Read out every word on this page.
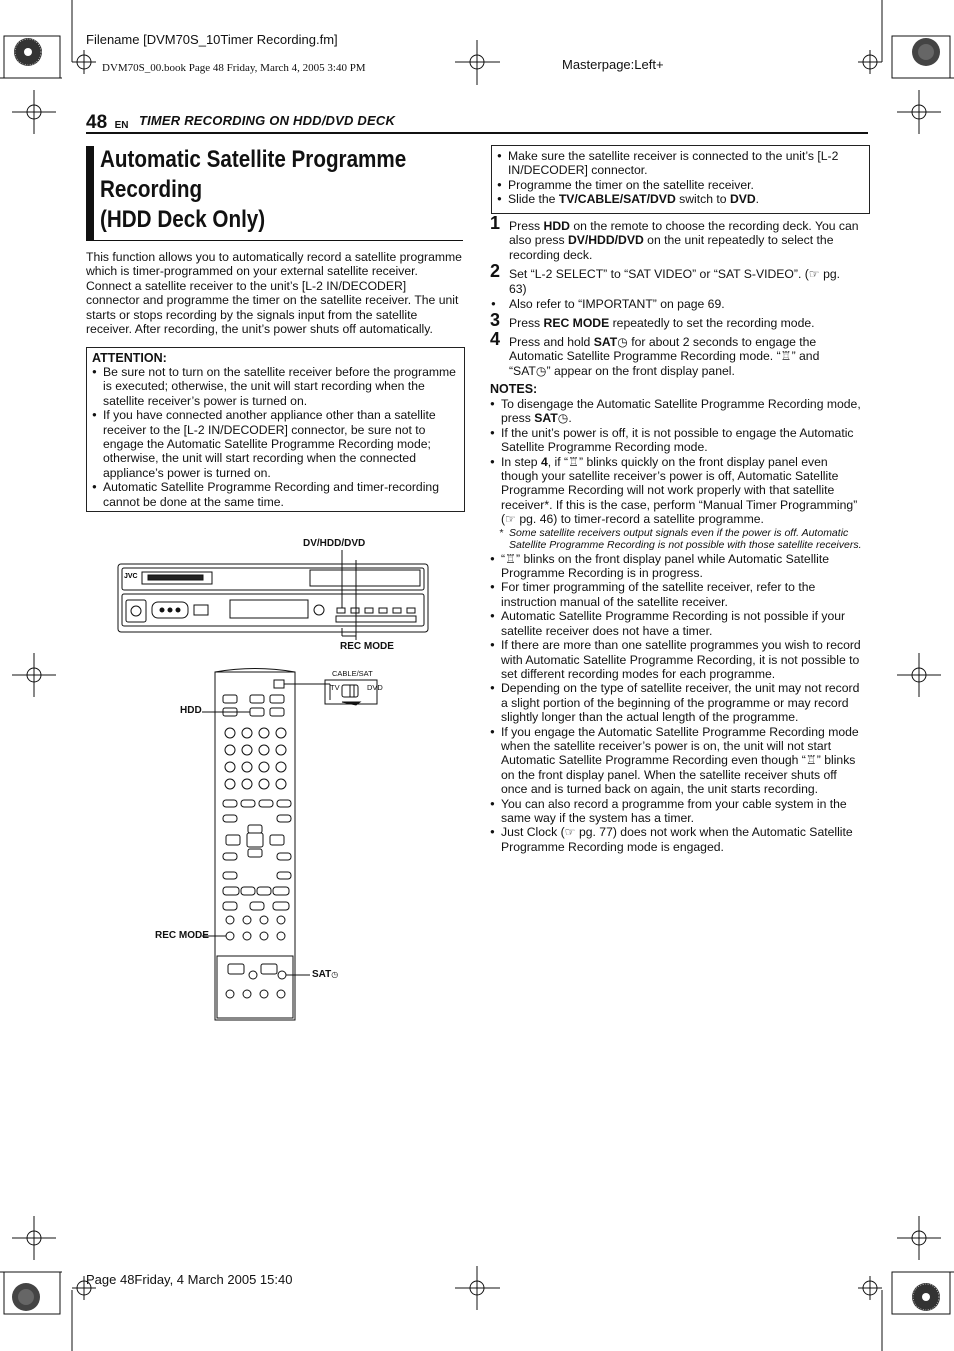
Filename [DVM70S_10Timer Recording.fm]
DVM70S_00.book Page 48 Friday, March 4, 2005 3:40 PM	Masterpage:Left+
48 EN TIMER RECORDING ON HDD/DVD DECK
Automatic Satellite Programme
Recording
(HDD Deck Only)
This function allows you to automatically record a satellite programme which is timer-programmed on your external satellite receiver. Connect a satellite receiver to the unit’s [L-2 IN/DECODER] connector and programme the timer on the satellite receiver. The unit starts or stops recording by the signals input from the satellite receiver. After recording, the unit’s power shuts off automatically.
ATTENTION:
● Be sure not to turn on the satellite receiver before the programme is executed; otherwise, the unit will start recording when the satellite receiver’s power is turned on.
● If you have connected another appliance other than a satellite receiver to the [L-2 IN/DECODER] connector, be sure not to engage the Automatic Satellite Programme Recording mode; otherwise, the unit will start recording when the connected appliance’s power is turned on.
● Automatic Satellite Programme Recording and timer-recording cannot be done at the same time.
DV/HDD/DVD
REC MODE
HDD
REC MODE
SAT◷
CABLE/SAT
TV	DVD
JVC
● Make sure the satellite receiver is connected to the unit’s [L-2 IN/DECODER] connector.
● Programme the timer on the satellite receiver.
● Slide the TV/CABLE/SAT/DVD switch to DVD.
1 Press HDD on the remote to choose the recording deck. You can also press DV/HDD/DVD on the unit repeatedly to select the recording deck.
2 Set “L-2 SELECT” to “SAT VIDEO” or “SAT S-VIDEO”. (☞ pg. 63)
● Also refer to “IMPORTANT” on page 69.
3 Press REC MODE repeatedly to set the recording mode.
4 Press and hold SAT◷ for about 2 seconds to engage the Automatic Satellite Programme Recording mode. “♖” and “SAT◷” appear on the front display panel.
NOTES:
● To disengage the Automatic Satellite Programme Recording mode, press SAT◷.
● If the unit’s power is off, it is not possible to engage the Automatic Satellite Programme Recording mode.
● In step 4, if “♖” blinks quickly on the front display panel even though your satellite receiver’s power is off, Automatic Satellite Programme Recording will not work properly with that satellite receiver*. If this is the case, perform “Manual Timer Programming” (☞ pg. 46) to timer-record a satellite programme.
* Some satellite receivers output signals even if the power is off. Automatic Satellite Programme Recording is not possible with those satellite receivers.
● “♖” blinks on the front display panel while Automatic Satellite Programme Recording is in progress.
● For timer programming of the satellite receiver, refer to the instruction manual of the satellite receiver.
● Automatic Satellite Programme Recording is not possible if your satellite receiver does not have a timer.
● If there are more than one satellite programmes you wish to record with Automatic Satellite Programme Recording, it is not possible to set different recording modes for each programme.
● Depending on the type of satellite receiver, the unit may not record a slight portion of the beginning of the programme or may record slightly longer than the actual length of the programme.
● If you engage the Automatic Satellite Programme Recording mode when the satellite receiver’s power is on, the unit will not start Automatic Satellite Programme Recording even though “♖” blinks on the front display panel. When the satellite receiver shuts off once and is turned back on again, the unit starts recording.
● You can also record a programme from your cable system in the same way if the system has a timer.
● Just Clock (☞ pg. 77) does not work when the Automatic Satellite Programme Recording mode is engaged.
Page 48Friday, 4 March 2005 15:40
